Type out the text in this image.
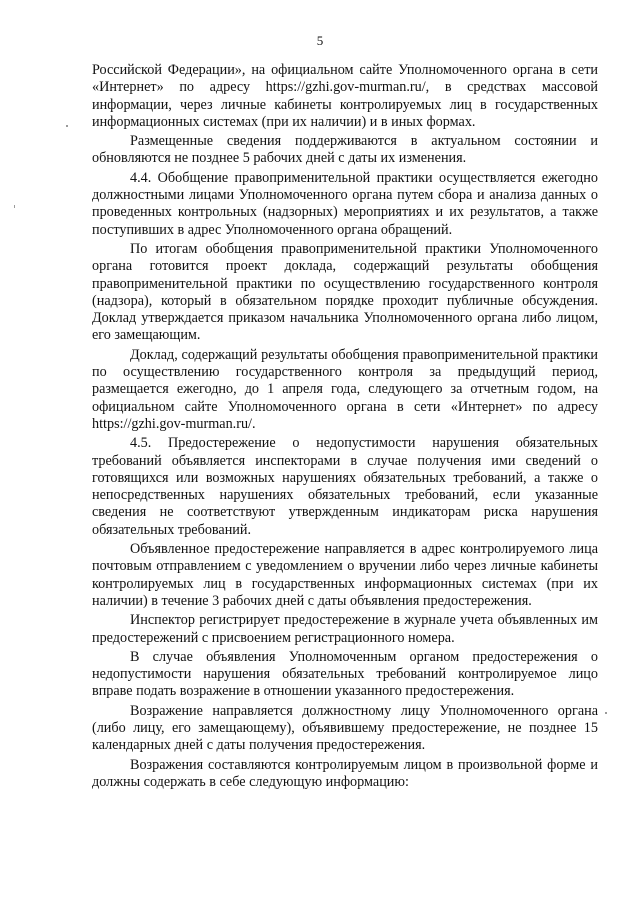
5

Российской Федерации», на официальном сайте Уполномоченного органа в сети «Интернет» по адресу https://gzhi.gov-murman.ru/, в средствах массовой информации, через личные кабинеты контролируемых лиц в государственных информационных системах (при их наличии) и в иных формах.

Размещенные сведения поддерживаются в актуальном состоянии и обновляются не позднее 5 рабочих дней с даты их изменения.

4.4. Обобщение правоприменительной практики осуществляется ежегодно должностными лицами Уполномоченного органа путем сбора и анализа данных о проведенных контрольных (надзорных) мероприятиях и их результатов, а также поступивших в адрес Уполномоченного органа обращений.

По итогам обобщения правоприменительной практики Уполномоченного органа готовится проект доклада, содержащий результаты обобщения правоприменительной практики по осуществлению государственного контроля (надзора), который в обязательном порядке проходит публичные обсуждения. Доклад утверждается приказом начальника Уполномоченного органа либо лицом, его замещающим.

Доклад, содержащий результаты обобщения правоприменительной практики по осуществлению государственного контроля за предыдущий период, размещается ежегодно, до 1 апреля года, следующего за отчетным годом, на официальном сайте Уполномоченного органа в сети «Интернет» по адресу https://gzhi.gov-murman.ru/.

4.5. Предостережение о недопустимости нарушения обязательных требований объявляется инспекторами в случае получения ими сведений о готовящихся или возможных нарушениях обязательных требований, а также о непосредственных нарушениях обязательных требований, если указанные сведения не соответствуют утвержденным индикаторам риска нарушения обязательных требований.

Объявленное предостережение направляется в адрес контролируемого лица почтовым отправлением с уведомлением о вручении либо через личные кабинеты контролируемых лиц в государственных информационных системах (при их наличии) в течение 3 рабочих дней с даты объявления предостережения.

Инспектор регистрирует предостережение в журнале учета объявленных им предостережений с присвоением регистрационного номера.

В случае объявления Уполномоченным органом предостережения о недопустимости нарушения обязательных требований контролируемое лицо вправе подать возражение в отношении указанного предостережения.

Возражение направляется должностному лицу Уполномоченного органа (либо лицу, его замещающему), объявившему предостережение, не позднее 15 календарных дней с даты получения предостережения.

Возражения составляются контролируемым лицом в произвольной форме и должны содержать в себе следующую информацию:
